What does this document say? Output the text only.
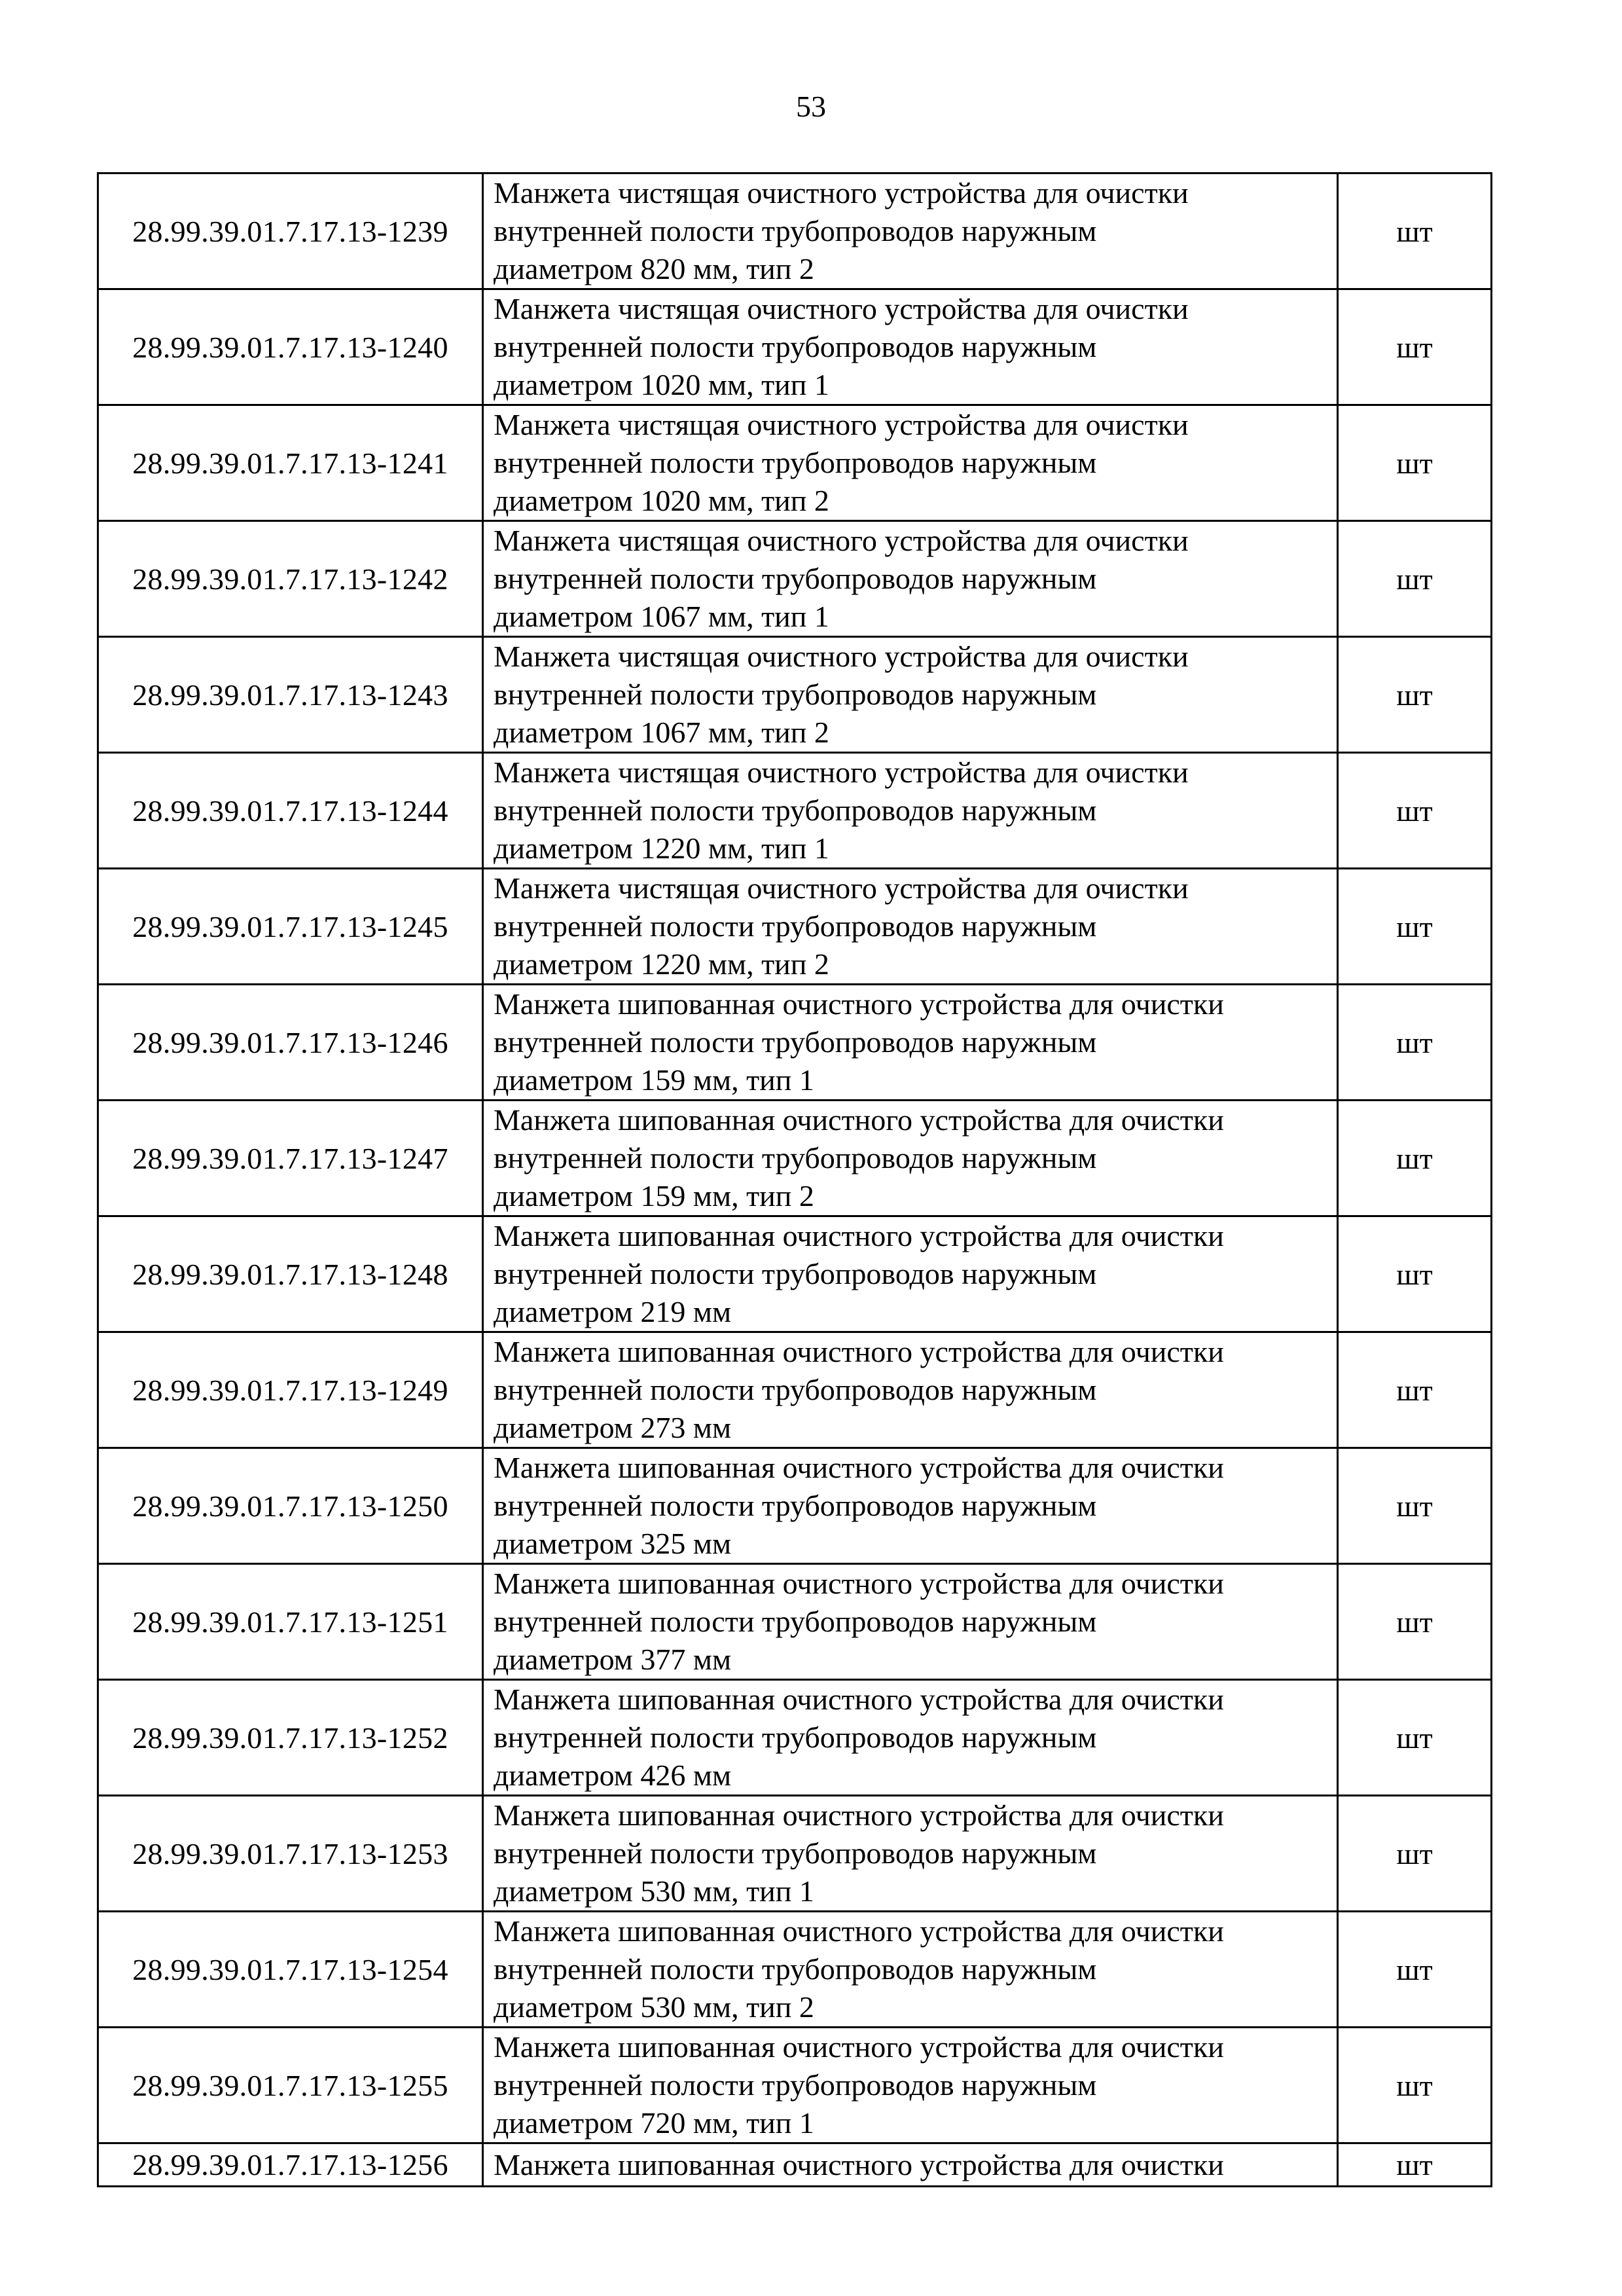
53
28.99.39.01.7.17.13-1239	Манжета чистящая очистного устройства для очистки
внутренней полости трубопроводов наружным
диаметром 820 мм, тип 2	шт
28.99.39.01.7.17.13-1240	Манжета чистящая очистного устройства для очистки
внутренней полости трубопроводов наружным
диаметром 1020 мм, тип 1	шт
28.99.39.01.7.17.13-1241	Манжета чистящая очистного устройства для очистки
внутренней полости трубопроводов наружным
диаметром 1020 мм, тип 2	шт
28.99.39.01.7.17.13-1242	Манжета чистящая очистного устройства для очистки
внутренней полости трубопроводов наружным
диаметром 1067 мм, тип 1	шт
28.99.39.01.7.17.13-1243	Манжета чистящая очистного устройства для очистки
внутренней полости трубопроводов наружным
диаметром 1067 мм, тип 2	шт
28.99.39.01.7.17.13-1244	Манжета чистящая очистного устройства для очистки
внутренней полости трубопроводов наружным
диаметром 1220 мм, тип 1	шт
28.99.39.01.7.17.13-1245	Манжета чистящая очистного устройства для очистки
внутренней полости трубопроводов наружным
диаметром 1220 мм, тип 2	шт
28.99.39.01.7.17.13-1246	Манжета шипованная очистного устройства для очистки
внутренней полости трубопроводов наружным
диаметром 159 мм, тип 1	шт
28.99.39.01.7.17.13-1247	Манжета шипованная очистного устройства для очистки
внутренней полости трубопроводов наружным
диаметром 159 мм, тип 2	шт
28.99.39.01.7.17.13-1248	Манжета шипованная очистного устройства для очистки
внутренней полости трубопроводов наружным
диаметром 219 мм	шт
28.99.39.01.7.17.13-1249	Манжета шипованная очистного устройства для очистки
внутренней полости трубопроводов наружным
диаметром 273 мм	шт
28.99.39.01.7.17.13-1250	Манжета шипованная очистного устройства для очистки
внутренней полости трубопроводов наружным
диаметром 325 мм	шт
28.99.39.01.7.17.13-1251	Манжета шипованная очистного устройства для очистки
внутренней полости трубопроводов наружным
диаметром 377 мм	шт
28.99.39.01.7.17.13-1252	Манжета шипованная очистного устройства для очистки
внутренней полости трубопроводов наружным
диаметром 426 мм	шт
28.99.39.01.7.17.13-1253	Манжета шипованная очистного устройства для очистки
внутренней полости трубопроводов наружным
диаметром 530 мм, тип 1	шт
28.99.39.01.7.17.13-1254	Манжета шипованная очистного устройства для очистки
внутренней полости трубопроводов наружным
диаметром 530 мм, тип 2	шт
28.99.39.01.7.17.13-1255	Манжета шипованная очистного устройства для очистки
внутренней полости трубопроводов наружным
диаметром 720 мм, тип 1	шт
28.99.39.01.7.17.13-1256	Манжета шипованная очистного устройства для очистки	шт
